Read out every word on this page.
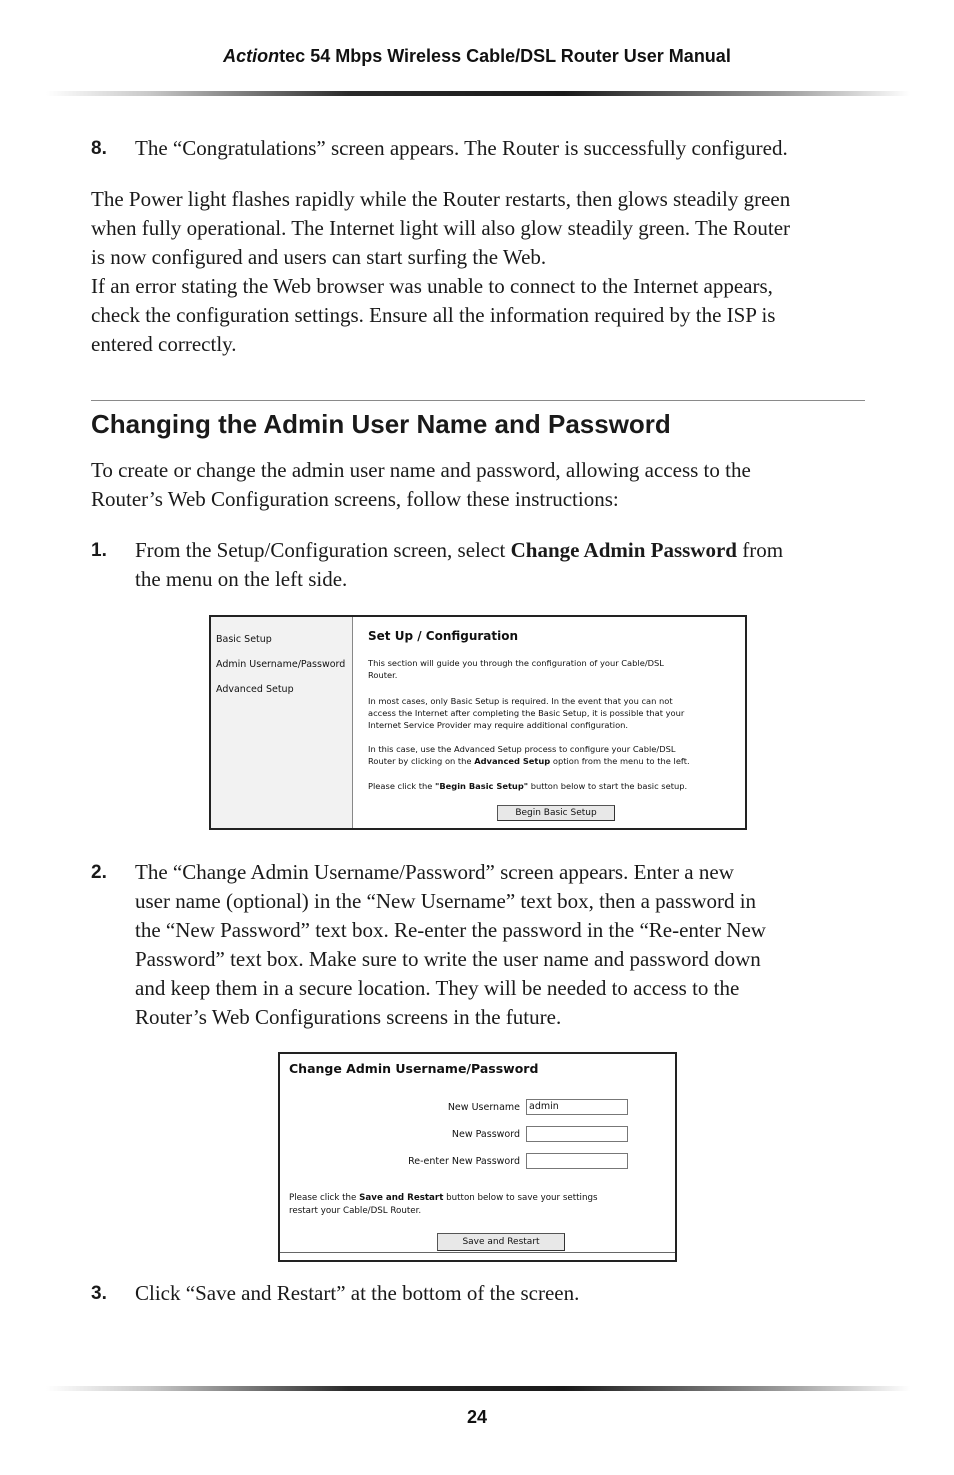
Actiontec 54 Mbps Wireless Cable/DSL Router User Manual
8. The “Congratulations” screen appears. The Router is successfully configured.
The Power light flashes rapidly while the Router restarts, then glows steadily green
when fully operational. The Internet light will also glow steadily green. The Router
is now configured and users can start surfing the Web.
If an error stating the Web browser was unable to connect to the Internet appears,
check the configuration settings. Ensure all the information required by the ISP is
entered correctly.
Changing the Admin User Name and Password
To create or change the admin user name and password, allowing access to the
Router’s Web Configuration screens, follow these instructions:
1. From the Setup/Configuration screen, select Change Admin Password from
the menu on the left side.
Basic Setup
Admin Username/Password
Advanced Setup
Set Up / Configuration
This section will guide you through the configuration of your Cable/DSL
Router.
In most cases, only Basic Setup is required. In the event that you can not
access the Internet after completing the Basic Setup, it is possible that your
Internet Service Provider may require additional configuration.
In this case, use the Advanced Setup process to configure your Cable/DSL
Router by clicking on the Advanced Setup option from the menu to the left.
Please click the "Begin Basic Setup" button below to start the basic setup.
Begin Basic Setup
2. The “Change Admin Username/Password” screen appears. Enter a new
user name (optional) in the “New Username” text box, then a password in
the “New Password” text box. Re-enter the password in the “Re-enter New
Password” text box. Make sure to write the user name and password down
and keep them in a secure location. They will be needed to access to the
Router’s Web Configurations screens in the future.
Change Admin Username/Password
New Username admin
New Password
Re-enter New Password
Please click the Save and Restart button below to save your settings
restart your Cable/DSL Router.
Save and Restart
3. Click “Save and Restart” at the bottom of the screen.
24
